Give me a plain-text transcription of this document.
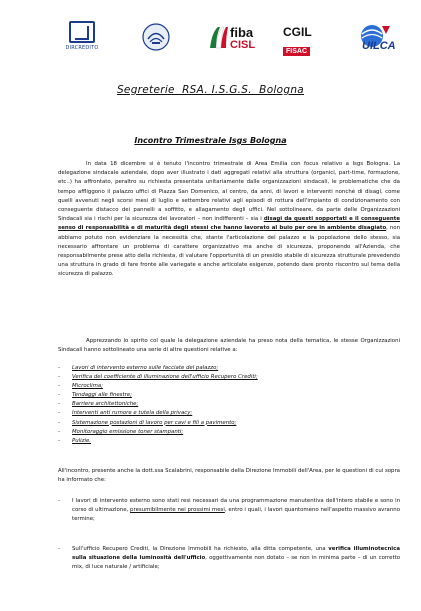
DIRCREDITO
fiba
CISL
CGIL
FISAC	UILCA
Segreterie  RSA. I.S.G.S.  Bologna
Incontro Trimestrale Isgs Bologna
In data 18 dicembre si è tenuto l'incontro trimestrale di Area Emilia con focus relativo a Isgs Bologna. La delegazione sindacale aziendale, dopo aver illustrato i dati aggregati relativi alla struttura (organici, part-time, formazione, etc..) ha affrontato, peraltro su richiesta presentata unitariamente dalle organizzazioni sindacali, le problematiche che da tempo affliggono il palazzo uffici di Piazza San Domenico, al centro, da anni, di lavori e interventi nonché di disagi, come quelli avvenuti negli scorsi mesi di luglio e settembre relativi agli episodi di rottura dell'impianto di condizionamento con conseguente distacco dei pannelli a soffitto, e allagamento degli uffici. Nel sottolineare, da parte delle Organizzazioni Sindacali sia i rischi per la sicurezza dei lavoratori – non indifferenti – sia i disagi da questi sopportati e il conseguente senso di responsabilità e di maturità degli stessi che hanno lavorato al buio per ore in ambiente disagiato, non abbiamo potuto non evidenziare la necessità che, stante l'articolazione del palazzo e la popolazione dello stesso, sia necessario affrontare un problema di carattere organizzativo ma anche di sicurezza, proponendo all'Azienda, che responsabilmente prese atto della richiesta, di valutare l'opportunità di un presidio stabile di sicurezza strutturale prevedendo una struttura in grado di fare fronte alle variegate e anche articolate esigenze, potendo dare pronto riscontro sul tema della sicurezza di palazzo.
Apprezzando lo spirito col quale la delegazione aziendale ha preso nota della tematica, le stesse Organizzazioni Sindacali hanno sottolineato una serie di altre questioni relative a:
- Lavori di intervento esterno sulle facciate del palazzo;
- Verifica del coefficiente di illuminazione dell'ufficio Recupero Crediti;
- Microclima;
- Tendaggi alle finestre;
- Barriere architettoniche;
- Interventi anti rumore e tutela della privacy;
- Sistemazione postazioni di lavoro per cavi e fili a pavimento;
- Monitoraggio emissione toner stampanti;
- Pulizie.
All'incontro, presente anche la dott.ssa Scalabrini, responsabile della Direzione Immobili dell'Area, per le questioni di cui sopra ha informato che:
- I lavori di intervento esterno sono stati resi necessari da una programmazione manutentiva dell'intero stabile e sono in corso di ultimazione, presumibilmente nei prossimi mesi, entro i quali, i lavori quantomeno nell'aspetto massivo avranno termine;
- Sull'ufficio Recupero Crediti, la Direzione Immobili ha richiesto, alla ditta competente, una verifica illuminotecnica sulla situazione della luminosità dell'ufficio, oggettivamente non dotato – se non in minima parte – di un corretto mix, di luce naturale / artificiale;
